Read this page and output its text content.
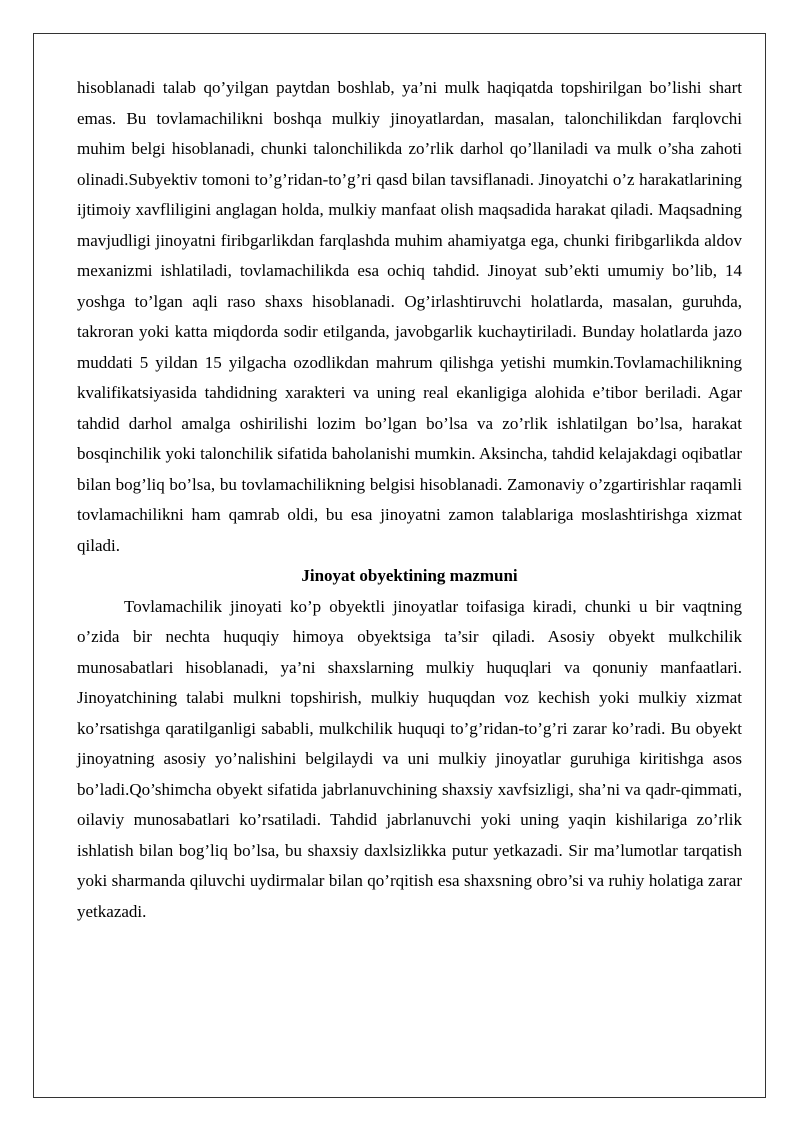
hisoblanadi talab qo’yilgan paytdan boshlab, ya’ni mulk haqiqatda topshirilgan bo’lishi shart emas. Bu tovlamachilikni boshqa mulkiy jinoyatlardan, masalan, talonchilikdan farqlovchi muhim belgi hisoblanadi, chunki talonchilikda zo’rlik darhol qo’llaniladi va mulk o’sha zahoti olinadi.Subyektiv tomoni to’g’ridan-to’g’ri qasd bilan tavsiflanadi. Jinoyatchi o’z harakatlarining ijtimoiy xavfliligini anglagan holda, mulkiy manfaat olish maqsadida harakat qiladi. Maqsadning mavjudligi jinoyatni firibgarlikdan farqlashda muhim ahamiyatga ega, chunki firibgarlikda aldov mexanizmi ishlatiladi, tovlamachilikda esa ochiq tahdid. Jinoyat sub’ekti umumiy bo’lib, 14 yoshga to’lgan aqli raso shaxs hisoblanadi. Og’irlashtiruvchi holatlarda, masalan, guruhda, takroran yoki katta miqdorda sodir etilganda, javobgarlik kuchaytiriladi. Bunday holatlarda jazo muddati 5 yildan 15 yilgacha ozodlikdan mahrum qilishga yetishi mumkin.Tovlamachilikning kvalifikatsiyasida tahdidning xarakteri va uning real ekanligiga alohida e’tibor beriladi. Agar tahdid darhol amalga oshirilishi lozim bo’lgan bo’lsa va zo’rlik ishlatilgan bo’lsa, harakat bosqinchilik yoki talonchilik sifatida baholanishi mumkin. Aksincha, tahdid kelajakdagi oqibatlar bilan bog’liq bo’lsa, bu tovlamachilikning belgisi hisoblanadi. Zamonaviy o’zgartirishlar raqamli tovlamachilikni ham qamrab oldi, bu esa jinoyatni zamon talablariga moslashtirishga xizmat qiladi.

Jinoyat obyektining mazmuni

Tovlamachilik jinoyati ko’p obyektli jinoyatlar toifasiga kiradi, chunki u bir vaqtning o’zida bir nechta huquqiy himoya obyektsiga ta’sir qiladi. Asosiy obyekt mulkchilik munosabatlari hisoblanadi, ya’ni shaxslarning mulkiy huquqlari va qonuniy manfaatlari. Jinoyatchining talabi mulkni topshirish, mulkiy huquqdan voz kechish yoki mulkiy xizmat ko’rsatishga qaratilganligi sababli, mulkchilik huquqi to’g’ridan-to’g’ri zarar ko’radi. Bu obyekt jinoyatning asosiy yo’nalishini belgilaydi va uni mulkiy jinoyatlar guruhiga kiritishga asos bo’ladi.Qo’shimcha obyekt sifatida jabrlanuvchining shaxsiy xavfsizligi, sha’ni va qadr-qimmati, oilaviy munosabatlari ko’rsatiladi. Tahdid jabrlanuvchi yoki uning yaqin kishilariga zo’rlik ishlatish bilan bog’liq bo’lsa, bu shaxsiy daxlsizlikka putur yetkazadi. Sir ma’lumotlar tarqatish yoki sharmanda qiluvchi uydirmalar bilan qo’rqitish esa shaxsning obro’si va ruhiy holatiga zarar yetkazadi.
